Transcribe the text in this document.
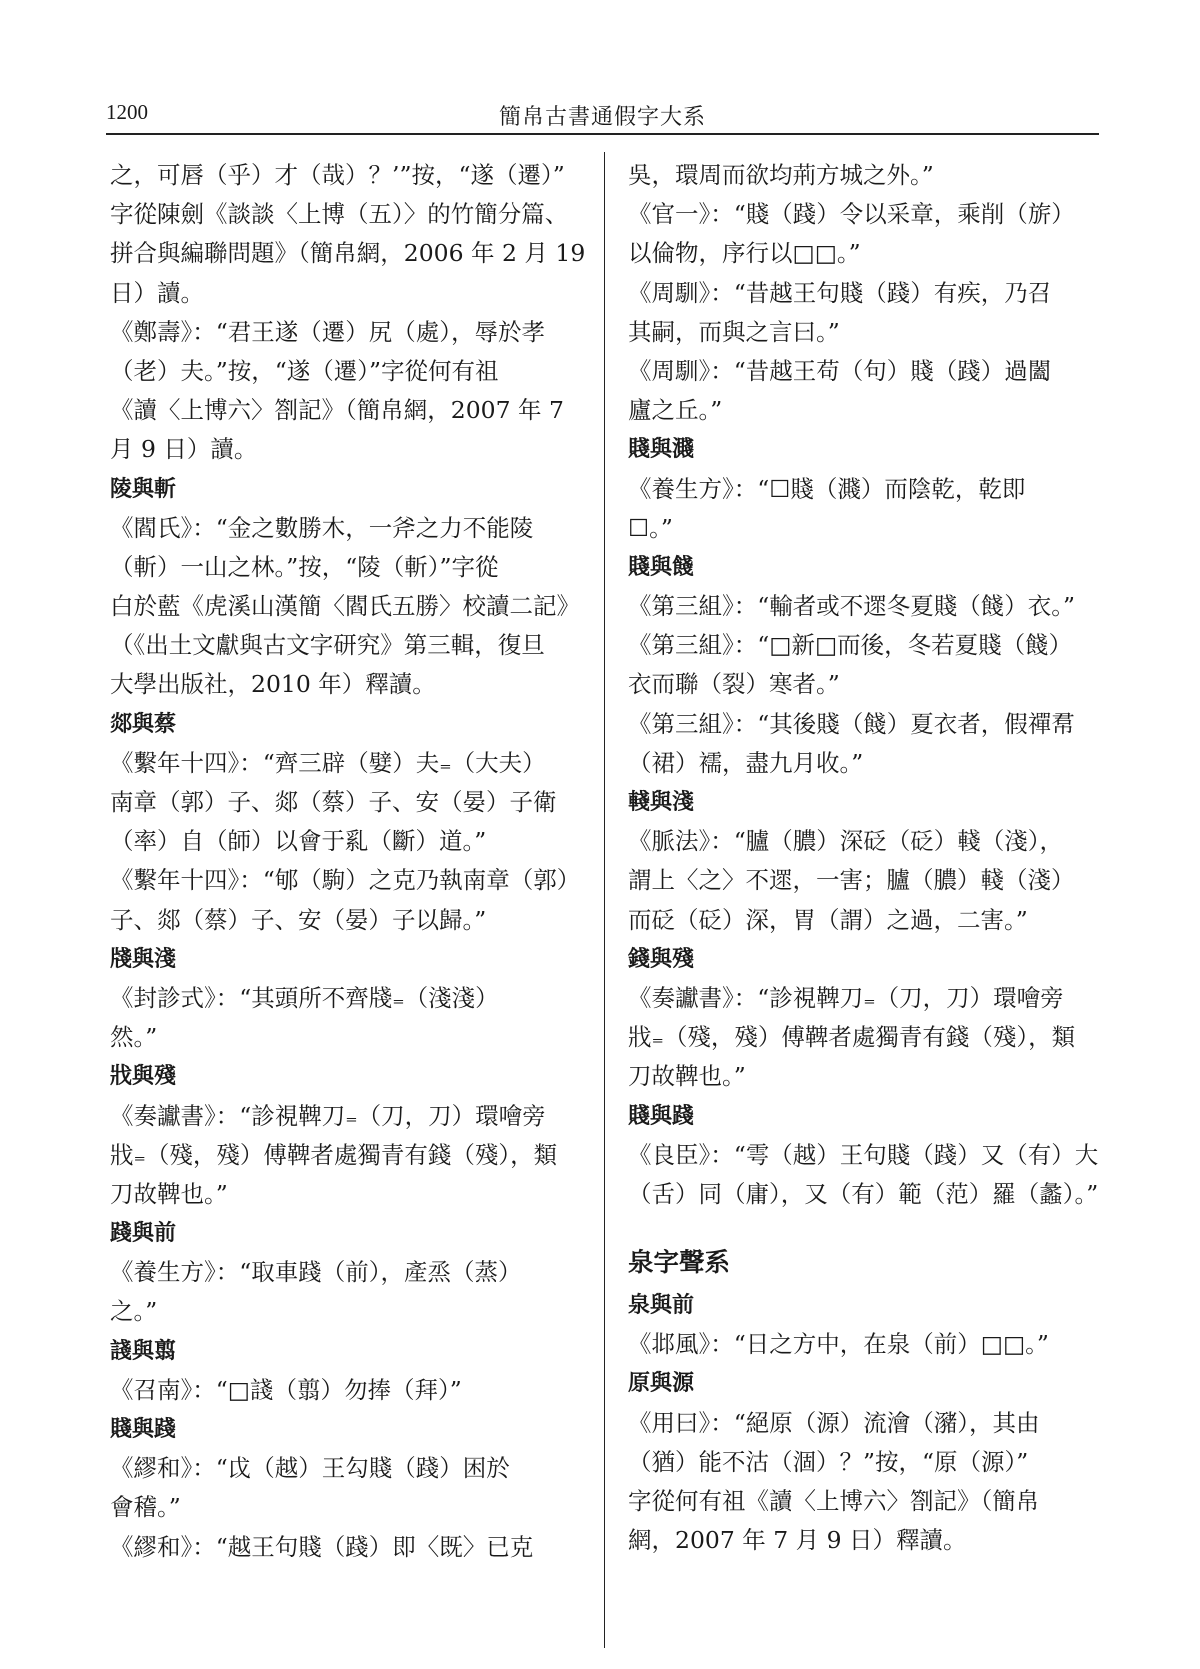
1200	簡帛古書通假字大系
之，可唇（乎）才（哉）？’”按，“遂（遷）”
字從陳劍《談談〈上博（五）〉的竹簡分篇、
拼合與編聯問題》（簡帛網，2006 年 2 月 19
日）讀。
《鄭壽》：“君王遂（遷）尻（處），辱於孝
（老）夫。”按，“遂（遷）”字從何有祖
《讀〈上博六〉劄記》（簡帛網，2007 年 7
月 9 日）讀。
陵與斬
《閻氏》：“金之數勝木，一斧之力不能陵
（斬）一山之林。”按，“陵（斬）”字從
白於藍《虎溪山漢簡〈閻氏五勝〉校讀二記》
（《出土文獻與古文字研究》第三輯，復旦
大學出版社，2010 年）釋讀。
郯與蔡
《繫年十四》：“齊三辟（嬖）夫₌（大夫）
南章（郭）子、郯（蔡）子、安（晏）子衛
（率）自（師）以會于乿（斷）道。”
《繫年十四》：“郇（駒）之克乃執南章（郭）
子、郯（蔡）子、安（晏）子以歸。”
牋與淺
《封診式》：“其頭所不齊牋₌（淺淺）
然。”
戕與殘
《奏讞書》：“診視鞞刀₌（刀，刀）環噲旁
戕₌（殘，殘）傅鞞者處獨青有錢（殘），類
刀故鞞也。”
踐與前
《養生方》：“取車踐（前），產烝（蒸）
之。”
諓與翦
《召南》：“□諓（翦）勿捧（拜）”
賤與踐
《繆和》：“戉（越）王勾賤（踐）困於
會稽。”
《繆和》：“越王句賤（踐）即〈既〉已克
吳，環周而欲均荊方城之外。”
《官一》：“賤（踐）令以采章，乘削（旂）
以倫物，序行以□□。”
《周馴》：“昔越王句賤（踐）有疾，乃召
其嗣，而與之言曰。”
《周馴》：“昔越王苟（句）賤（踐）過闔
廬之丘。”
賤與濺
《養生方》：“☐賤（濺）而陰乾，乾即
☐。”
賤與餞
《第三組》：“輸者或不遝冬夏賤（餞）衣。”
《第三組》：“□新□而後，冬若夏賤（餞）
衣而聯（裂）寒者。”
《第三組》：“其後賤（餞）夏衣者，假禪帬
（裙）襦，盡九月收。”
輚與淺
《脈法》：“臚（膿）深砭（砭）輚（淺），
謂上〈之〉不遝，一害；臚（膿）輚（淺）
而砭（砭）深，胃（謂）之過，二害。”
錢與殘
《奏讞書》：“診視鞞刀₌（刀，刀）環噲旁
戕₌（殘，殘）傅鞞者處獨青有錢（殘），類
刀故鞞也。”
賤與踐
《良臣》：“雩（越）王句賤（踐）又（有）大
（舌）同（庸），又（有）範（范）羅（蠡）。”
泉字聲系
泉與前
《邶風》：“日之方中，在泉（前）□□。”
原與源
《用曰》：“絕原（源）流澮（瀦），其由
（猶）能不沽（涸）？”按，“原（源）”
字從何有祖《讀〈上博六〉劄記》（簡帛
網，2007 年 7 月 9 日）釋讀。
